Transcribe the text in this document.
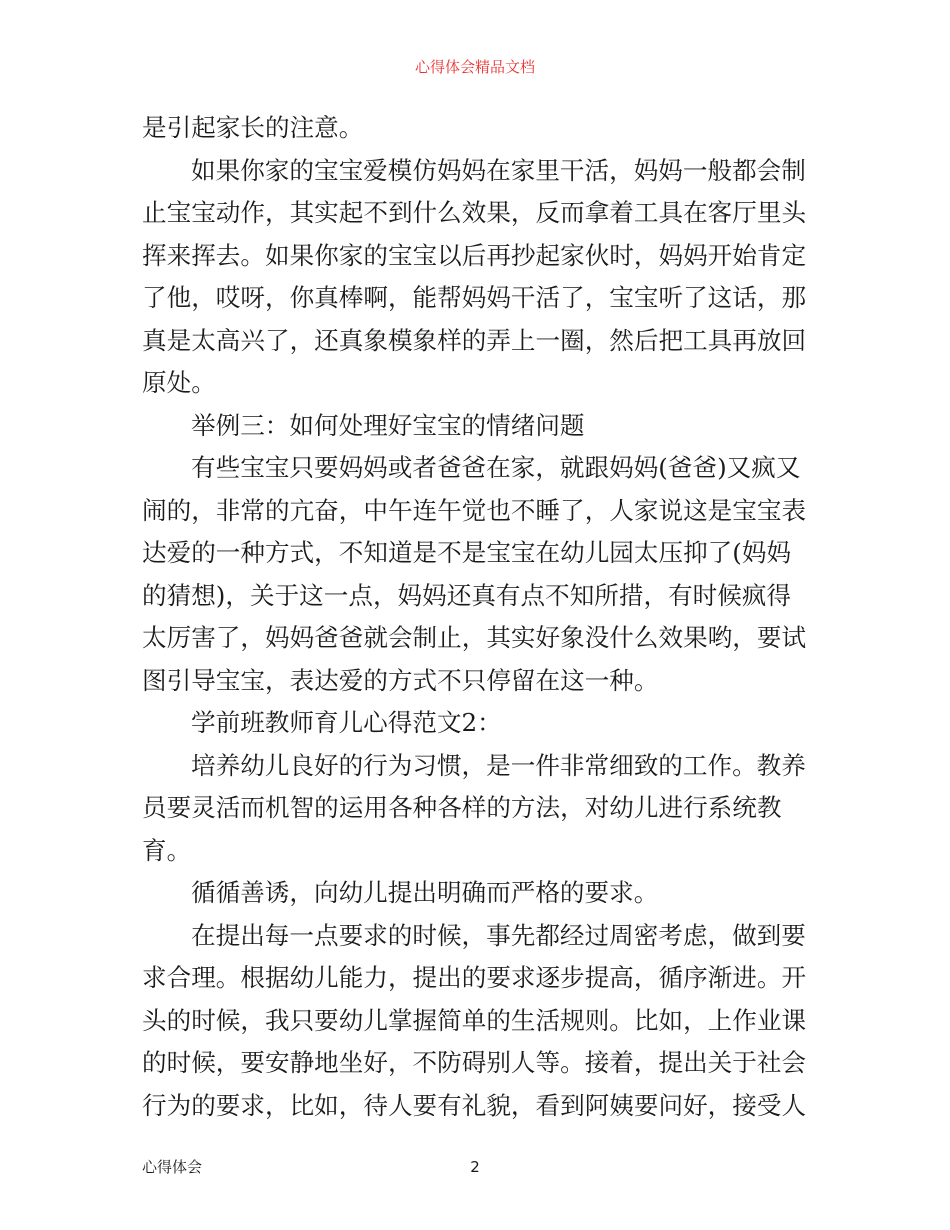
心得体会精品文档

是引起家长的注意。

如果你家的宝宝爱模仿妈妈在家里干活，妈妈一般都会制止宝宝动作，其实起不到什么效果，反而拿着工具在客厅里头挥来挥去。如果你家的宝宝以后再抄起家伙时，妈妈开始肯定了他，哎呀，你真棒啊，能帮妈妈干活了，宝宝听了这话，那真是太高兴了，还真象模象样的弄上一圈，然后把工具再放回原处。

举例三：如何处理好宝宝的情绪问题

有些宝宝只要妈妈或者爸爸在家，就跟妈妈(爸爸)又疯又闹的，非常的亢奋，中午连午觉也不睡了，人家说这是宝宝表达爱的一种方式，不知道是不是宝宝在幼儿园太压抑了(妈妈的猜想)，关于这一点，妈妈还真有点不知所措，有时候疯得太厉害了，妈妈爸爸就会制止，其实好象没什么效果哟，要试图引导宝宝，表达爱的方式不只停留在这一种。

学前班教师育儿心得范文2：

培养幼儿良好的行为习惯，是一件非常细致的工作。教养员要灵活而机智的运用各种各样的方法，对幼儿进行系统教育。

循循善诱，向幼儿提出明确而严格的要求。

在提出每一点要求的时候，事先都经过周密考虑，做到要求合理。根据幼儿能力，提出的要求逐步提高，循序渐进。开头的时候，我只要幼儿掌握简单的生活规则。比如，上作业课的时候，要安静地坐好，不防碍别人等。接着，提出关于社会行为的要求，比如，待人要有礼貌，看到阿姨要问好，接受人

心得体会	2
